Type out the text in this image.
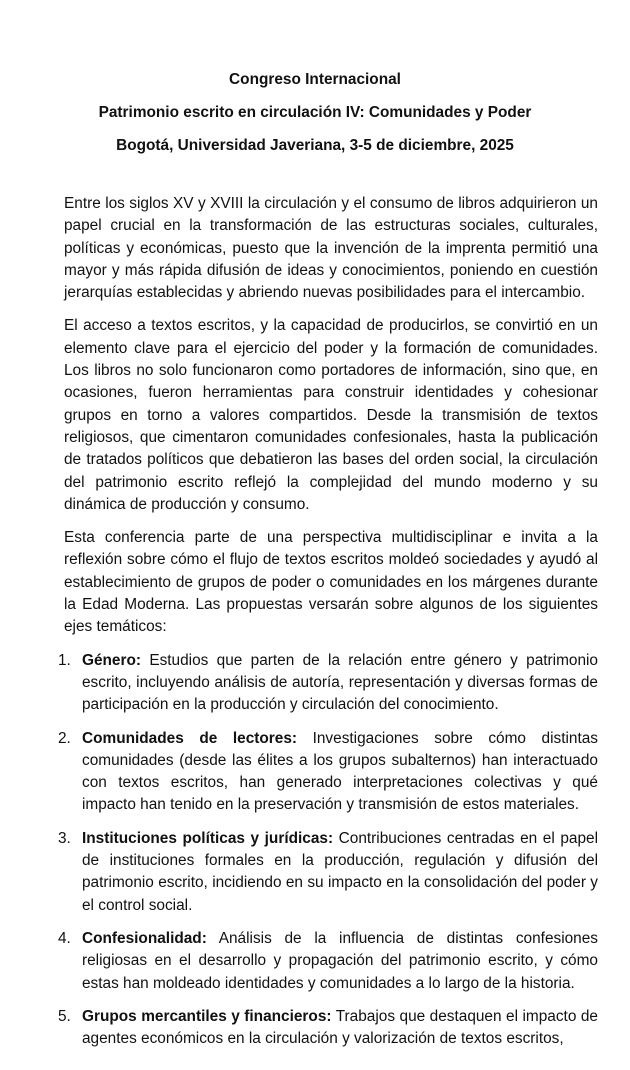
Congreso Internacional
Patrimonio escrito en circulación IV: Comunidades y Poder
Bogotá, Universidad Javeriana, 3-5 de diciembre, 2025

Entre los siglos XV y XVIII la circulación y el consumo de libros adquirieron un papel crucial en la transformación de las estructuras sociales, culturales, políticas y económicas, puesto que la invención de la imprenta permitió una mayor y más rápida difusión de ideas y conocimientos, poniendo en cuestión jerarquías establecidas y abriendo nuevas posibilidades para el intercambio.

El acceso a textos escritos, y la capacidad de producirlos, se convirtió en un elemento clave para el ejercicio del poder y la formación de comunidades. Los libros no solo funcionaron como portadores de información, sino que, en ocasiones, fueron herramientas para construir identidades y cohesionar grupos en torno a valores compartidos. Desde la transmisión de textos religiosos, que cimentaron comunidades confesionales, hasta la publicación de tratados políticos que debatieron las bases del orden social, la circulación del patrimonio escrito reflejó la complejidad del mundo moderno y su dinámica de producción y consumo.

Esta conferencia parte de una perspectiva multidisciplinar e invita a la reflexión sobre cómo el flujo de textos escritos moldeó sociedades y ayudó al establecimiento de grupos de poder o comunidades en los márgenes durante la Edad Moderna. Las propuestas versarán sobre algunos de los siguientes ejes temáticos:

1. Género: Estudios que parten de la relación entre género y patrimonio escrito, incluyendo análisis de autoría, representación y diversas formas de participación en la producción y circulación del conocimiento.
2. Comunidades de lectores: Investigaciones sobre cómo distintas comunidades (desde las élites a los grupos subalternos) han interactuado con textos escritos, han generado interpretaciones colectivas y qué impacto han tenido en la preservación y transmisión de estos materiales.
3. Instituciones políticas y jurídicas: Contribuciones centradas en el papel de instituciones formales en la producción, regulación y difusión del patrimonio escrito, incidiendo en su impacto en la consolidación del poder y el control social.
4. Confesionalidad: Análisis de la influencia de distintas confesiones religiosas en el desarrollo y propagación del patrimonio escrito, y cómo estas han moldeado identidades y comunidades a lo largo de la historia.
5. Grupos mercantiles y financieros: Trabajos que destaquen el impacto de agentes económicos en la circulación y valorización de textos escritos,
